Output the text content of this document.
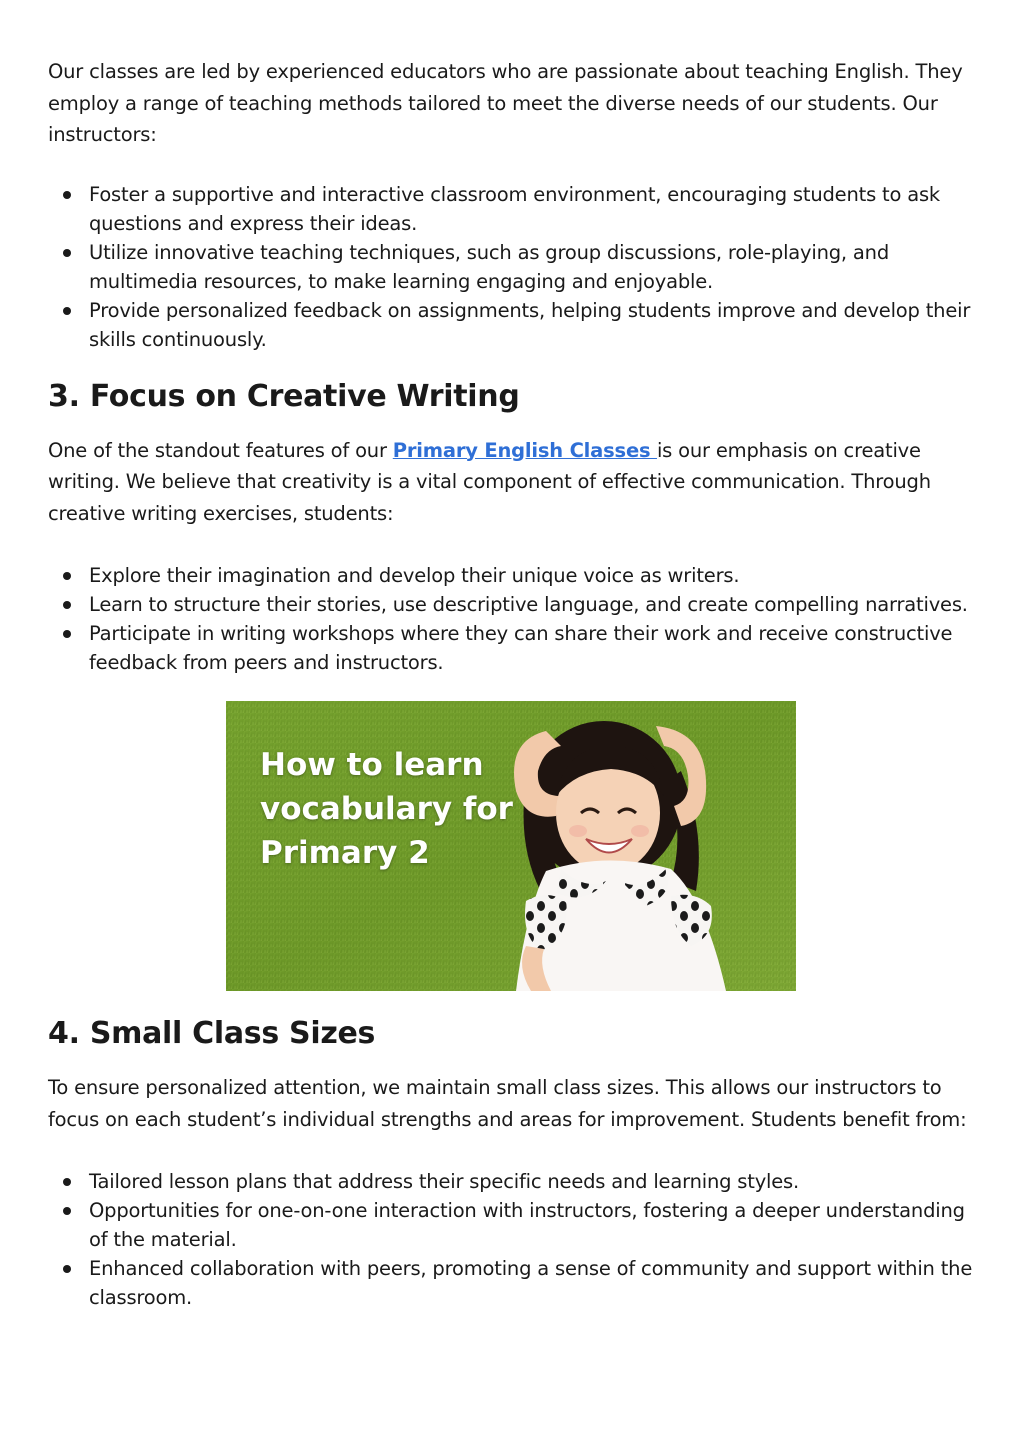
Our classes are led by experienced educators who are passionate about teaching English. They employ a range of teaching methods tailored to meet the diverse needs of our students. Our instructors:

Foster a supportive and interactive classroom environment, encouraging students to ask questions and express their ideas.
Utilize innovative teaching techniques, such as group discussions, role-playing, and multimedia resources, to make learning engaging and enjoyable.
Provide personalized feedback on assignments, helping students improve and develop their skills continuously.
3. Focus on Creative Writing

One of the standout features of our Primary English Classes is our emphasis on creative writing. We believe that creativity is a vital component of effective communication. Through creative writing exercises, students:

Explore their imagination and develop their unique voice as writers.
Learn to structure their stories, use descriptive language, and create compelling narratives.
Participate in writing workshops where they can share their work and receive constructive feedback from peers and instructors.
How to learn
vocabulary for
Primary 2
4. Small Class Sizes

To ensure personalized attention, we maintain small class sizes. This allows our instructors to focus on each student’s individual strengths and areas for improvement. Students benefit from:

Tailored lesson plans that address their specific needs and learning styles.
Opportunities for one-on-one interaction with instructors, fostering a deeper understanding of the material.
Enhanced collaboration with peers, promoting a sense of community and support within the classroom.
